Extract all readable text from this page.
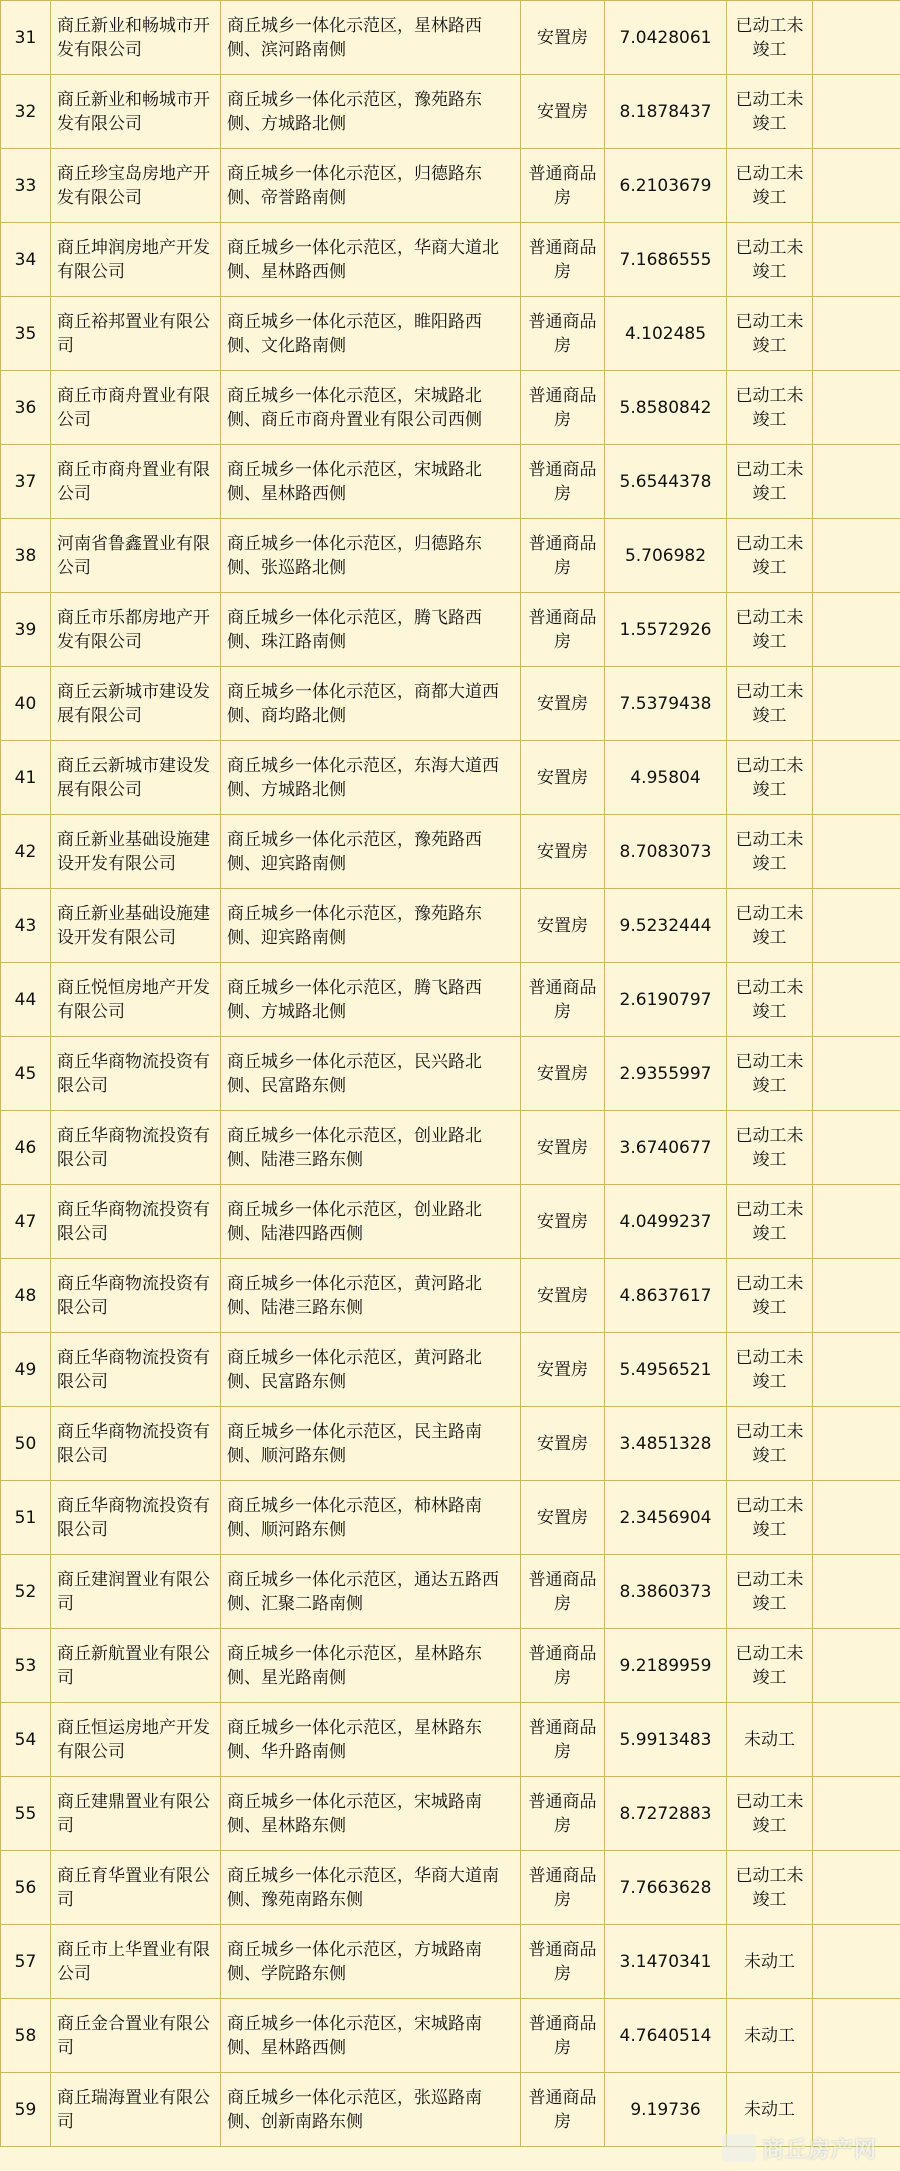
31	商丘新业和畅城市开发有限公司	商丘城乡一体化示范区，星林路西侧、滨河路南侧	安置房	7.0428061	已动工未竣工	
32	商丘新业和畅城市开发有限公司	商丘城乡一体化示范区，豫苑路东侧、方城路北侧	安置房	8.1878437	已动工未竣工	
33	商丘珍宝岛房地产开发有限公司	商丘城乡一体化示范区，归德路东侧、帝誉路南侧	普通商品房	6.2103679	已动工未竣工	
34	商丘坤润房地产开发有限公司	商丘城乡一体化示范区，华商大道北侧、星林路西侧	普通商品房	7.1686555	已动工未竣工	
35	商丘裕邦置业有限公司	商丘城乡一体化示范区，睢阳路西侧、文化路南侧	普通商品房	4.102485	已动工未竣工	
36	商丘市商舟置业有限公司	商丘城乡一体化示范区，宋城路北侧、商丘市商舟置业有限公司西侧	普通商品房	5.8580842	已动工未竣工	
37	商丘市商舟置业有限公司	商丘城乡一体化示范区，宋城路北侧、星林路西侧	普通商品房	5.6544378	已动工未竣工	
38	河南省鲁鑫置业有限公司	商丘城乡一体化示范区，归德路东侧、张巡路北侧	普通商品房	5.706982	已动工未竣工	
39	商丘市乐都房地产开发有限公司	商丘城乡一体化示范区，腾飞路西侧、珠江路南侧	普通商品房	1.5572926	已动工未竣工	
40	商丘云新城市建设发展有限公司	商丘城乡一体化示范区，商都大道西侧、商均路北侧	安置房	7.5379438	已动工未竣工	
41	商丘云新城市建设发展有限公司	商丘城乡一体化示范区，东海大道西侧、方城路北侧	安置房	4.95804	已动工未竣工	
42	商丘新业基础设施建设开发有限公司	商丘城乡一体化示范区，豫苑路西侧、迎宾路南侧	安置房	8.7083073	已动工未竣工	
43	商丘新业基础设施建设开发有限公司	商丘城乡一体化示范区，豫苑路东侧、迎宾路南侧	安置房	9.5232444	已动工未竣工	
44	商丘悦恒房地产开发有限公司	商丘城乡一体化示范区，腾飞路西侧、方城路北侧	普通商品房	2.6190797	已动工未竣工	
45	商丘华商物流投资有限公司	商丘城乡一体化示范区，民兴路北侧、民富路东侧	安置房	2.9355997	已动工未竣工	
46	商丘华商物流投资有限公司	商丘城乡一体化示范区，创业路北侧、陆港三路东侧	安置房	3.6740677	已动工未竣工	
47	商丘华商物流投资有限公司	商丘城乡一体化示范区，创业路北侧、陆港四路西侧	安置房	4.0499237	已动工未竣工	
48	商丘华商物流投资有限公司	商丘城乡一体化示范区，黄河路北侧、陆港三路东侧	安置房	4.8637617	已动工未竣工	
49	商丘华商物流投资有限公司	商丘城乡一体化示范区，黄河路北侧、民富路东侧	安置房	5.4956521	已动工未竣工	
50	商丘华商物流投资有限公司	商丘城乡一体化示范区，民主路南侧、顺河路东侧	安置房	3.4851328	已动工未竣工	
51	商丘华商物流投资有限公司	商丘城乡一体化示范区，柿林路南侧、顺河路东侧	安置房	2.3456904	已动工未竣工	
52	商丘建润置业有限公司	商丘城乡一体化示范区，通达五路西侧、汇聚二路南侧	普通商品房	8.3860373	已动工未竣工	
53	商丘新航置业有限公司	商丘城乡一体化示范区，星林路东侧、星光路南侧	普通商品房	9.2189959	已动工未竣工	
54	商丘恒运房地产开发有限公司	商丘城乡一体化示范区，星林路东侧、华升路南侧	普通商品房	5.9913483	未动工	
55	商丘建鼎置业有限公司	商丘城乡一体化示范区，宋城路南侧、星林路东侧	普通商品房	8.7272883	已动工未竣工	
56	商丘育华置业有限公司	商丘城乡一体化示范区，华商大道南侧、豫苑南路东侧	普通商品房	7.7663628	已动工未竣工	
57	商丘市上华置业有限公司	商丘城乡一体化示范区，方城路南侧、学院路东侧	普通商品房	3.1470341	未动工	
58	商丘金合置业有限公司	商丘城乡一体化示范区，宋城路南侧、星林路西侧	普通商品房	4.7640514	未动工	
59	商丘瑞海置业有限公司	商丘城乡一体化示范区，张巡路南侧、创新南路东侧	普通商品房	9.19736	未动工	
商丘房产网
